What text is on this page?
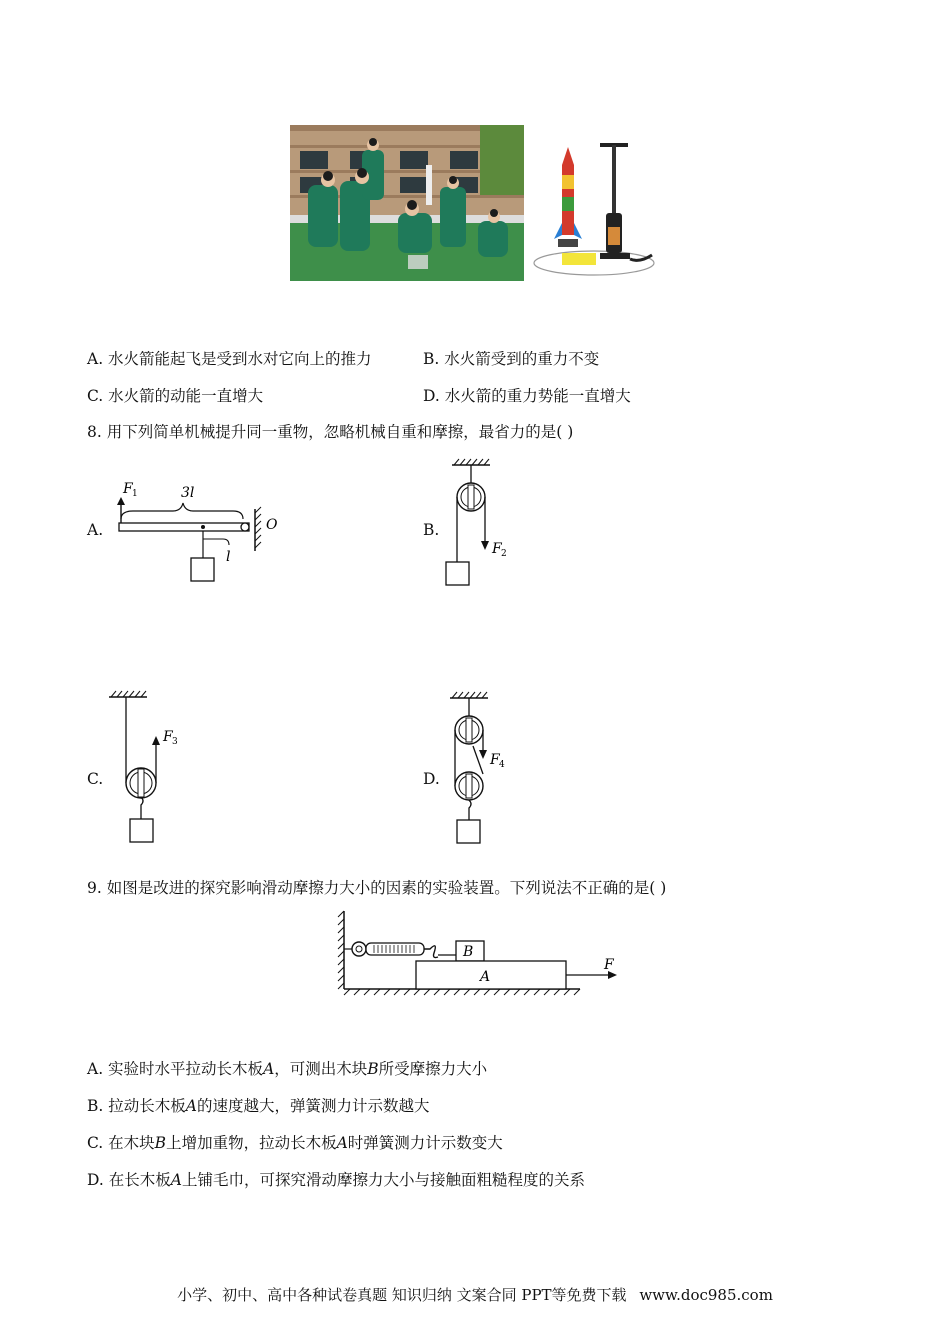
A. 水火箭能起飞是受到水对它向上的推力	B. 水火箭受到的重力不变
C. 水火箭的动能一直增大	D. 水火箭的重力势能一直增大
8. 用下列简单机械提升同一重物，忽略机械自重和摩擦，最省力的是( )
A.
F 1	3l
O
l
B.
F 2
C.
F 3
D.
F 4
9. 如图是改进的探究影响滑动摩擦力大小的因素的实验装置。下列说法不正确的是( )
B
A
F
A. 实验时水平拉动长木板A，可测出木块B所受摩擦力大小
B. 拉动长木板A的速度越大，弹簧测力计示数越大
C. 在木块B上增加重物，拉动长木板A时弹簧测力计示数变大
D. 在长木板A上铺毛巾，可探究滑动摩擦力大小与接触面粗糙程度的关系
小学、初中、高中各种试卷真题 知识归纳 文案合同 PPT等免费下载 www.doc985.com
